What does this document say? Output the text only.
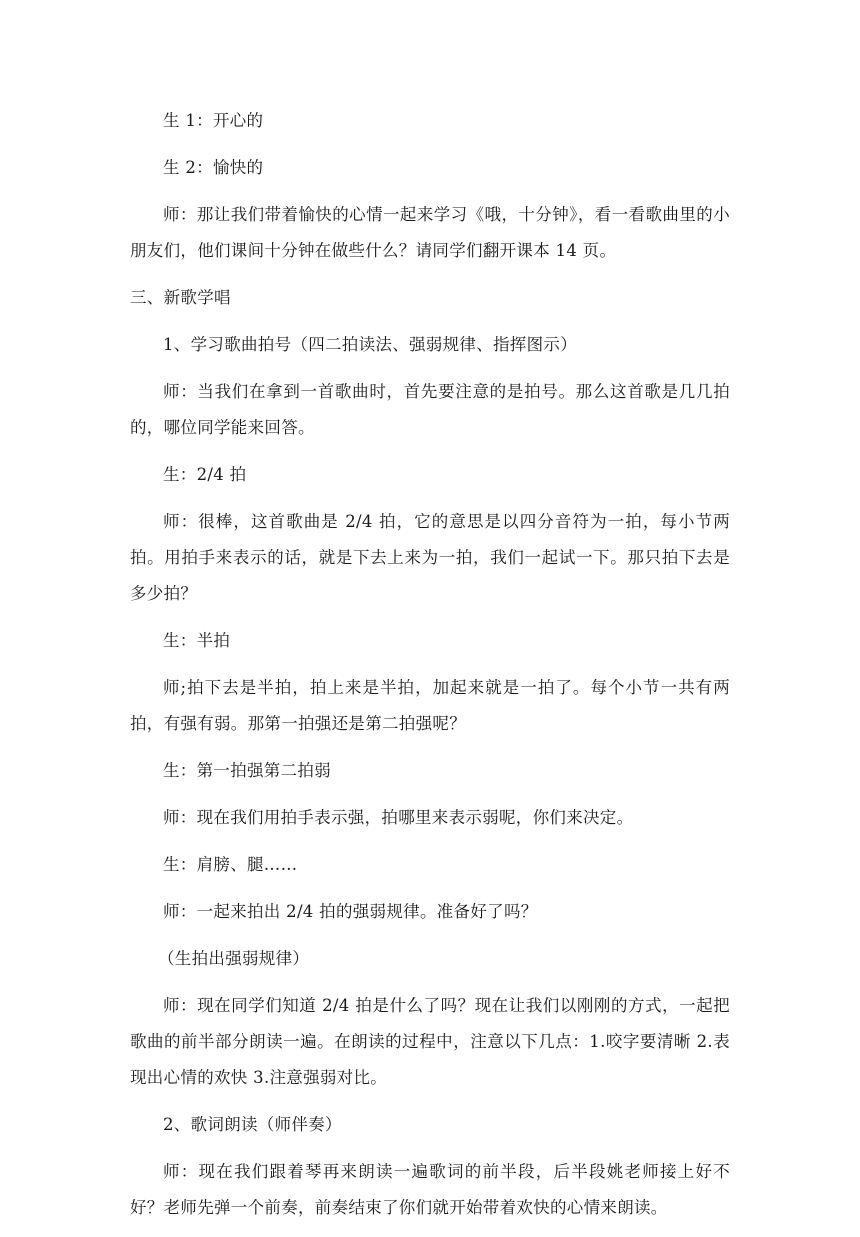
生 1：开心的

生 2：愉快的

师：那让我们带着愉快的心情一起来学习《哦，十分钟》，看一看歌曲里的小朋友们，他们课间十分钟在做些什么？请同学们翻开课本 14 页。

三、新歌学唱

1、学习歌曲拍号（四二拍读法、强弱规律、指挥图示）

师：当我们在拿到一首歌曲时，首先要注意的是拍号。那么这首歌是几几拍的，哪位同学能来回答。

生：2/4 拍

师：很棒，这首歌曲是 2/4 拍，它的意思是以四分音符为一拍，每小节两拍。用拍手来表示的话，就是下去上来为一拍，我们一起试一下。那只拍下去是多少拍？

生：半拍

师;拍下去是半拍，拍上来是半拍，加起来就是一拍了。每个小节一共有两拍，有强有弱。那第一拍强还是第二拍强呢？

生：第一拍强第二拍弱

师：现在我们用拍手表示强，拍哪里来表示弱呢，你们来决定。

生：肩膀、腿……

师：一起来拍出 2/4 拍的强弱规律。准备好了吗？

（生拍出强弱规律）

师：现在同学们知道 2/4 拍是什么了吗？现在让我们以刚刚的方式，一起把歌曲的前半部分朗读一遍。在朗读的过程中，注意以下几点：1.咬字要清晰 2.表现出心情的欢快 3.注意强弱对比。

2、歌词朗读（师伴奏）

师：现在我们跟着琴再来朗读一遍歌词的前半段，后半段姚老师接上好不好？老师先弹一个前奏，前奏结束了你们就开始带着欢快的心情来朗读。
